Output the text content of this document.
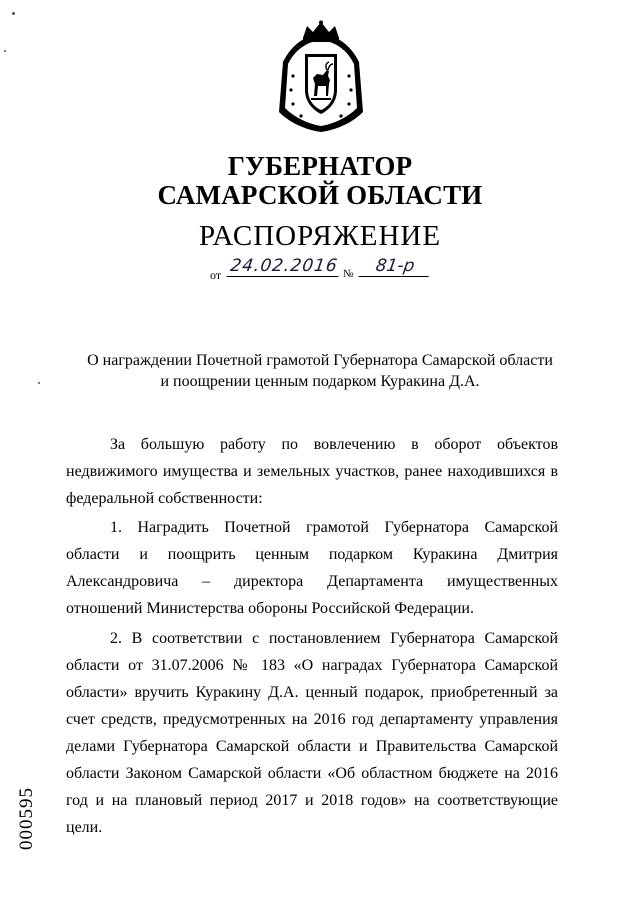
ГУБЕРНАТОР
САМАРСКОЙ ОБЛАСТИ
РАСПОРЯЖЕНИЕ
от 24.02.2016 №	81-р
О награждении Почетной грамотой Губернатора Самарской области
и поощрении ценным подарком Куракина Д.А.

За большую работу по вовлечению в оборот объектов недвижимого имущества и земельных участков, ранее находившихся в федеральной собственности:

1. Наградить Почетной грамотой Губернатора Самарской области и поощрить ценным подарком Куракина Дмитрия Александровича – директора Департамента имущественных отношений Министерства обороны Российской Федерации.

2. В соответствии с постановлением Губернатора Самарской области от 31.07.2006 № 183 «О наградах Губернатора Самарской области» вручить Куракину Д.А. ценный подарок, приобретенный за счет средств, предусмотренных на 2016 год департаменту управления делами Губернатора Самарской области и Правительства Самарской области Законом Самарской области «Об областном бюджете на 2016 год и на плановый период 2017 и 2018 годов» на соответствующие цели.

000595
